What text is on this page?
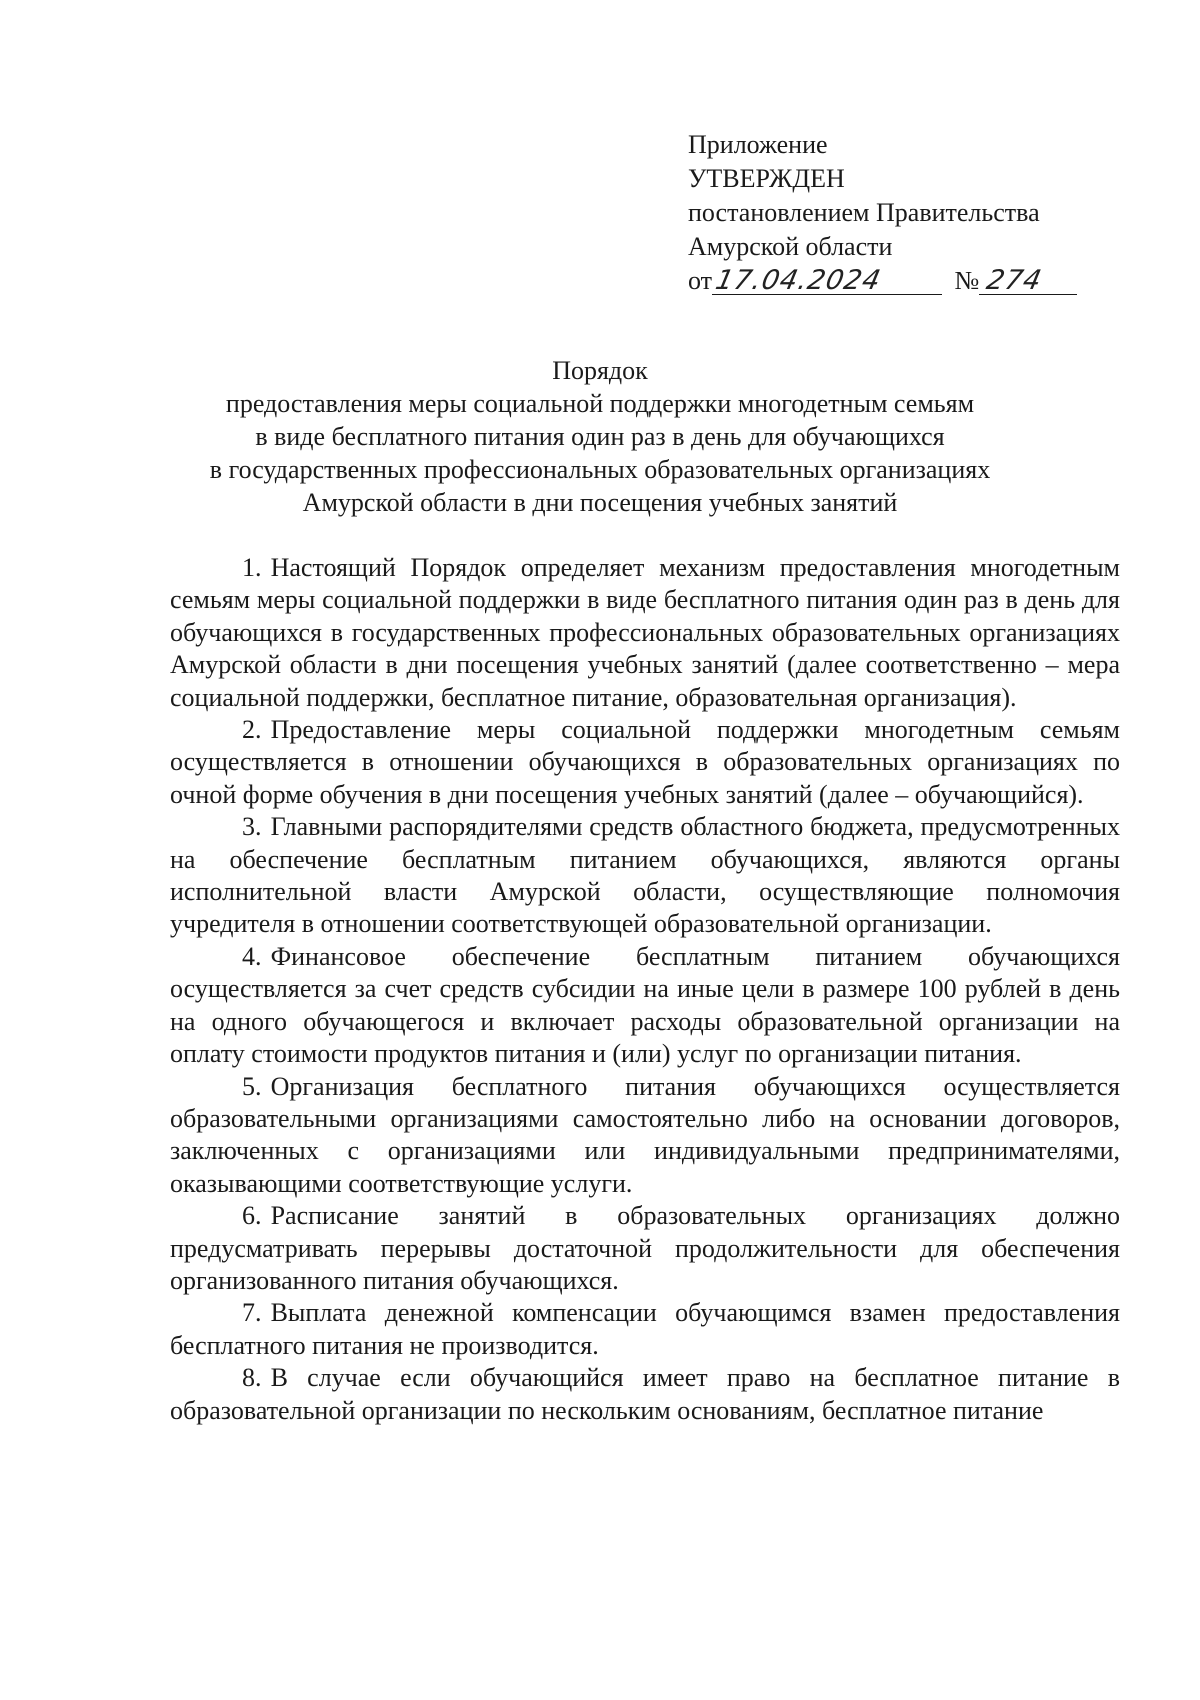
Приложение
УТВЕРЖДЕН
постановлением Правительства
Амурской области
от17.04.2024	№ 274
Порядок
предоставления меры социальной поддержки многодетным семьям
в виде бесплатного питания один раз в день для обучающихся
в государственных профессиональных образовательных организациях
Амурской области в дни посещения учебных занятий

1. Настоящий Порядок определяет механизм предоставления многодетным семьям меры социальной поддержки в виде бесплатного питания один раз в день для обучающихся в государственных профессиональных образовательных организациях Амурской области в дни посещения учебных занятий (далее соответственно – мера социальной поддержки, бесплатное питание, образовательная организация).

2. Предоставление меры социальной поддержки многодетным семьям осуществляется в отношении обучающихся в образовательных организациях по очной форме обучения в дни посещения учебных занятий (далее – обучающийся).

3. Главными распорядителями средств областного бюджета, предусмотренных на обеспечение бесплатным питанием обучающихся, являются органы исполнительной власти Амурской области, осуществляющие полномочия учредителя в отношении соответствующей образовательной организации.

4. Финансовое обеспечение бесплатным питанием обучающихся осуществляется за счет средств субсидии на иные цели в размере 100 рублей в день на одного обучающегося и включает расходы образовательной организации на оплату стоимости продуктов питания и (или) услуг по организации питания.

5. Организация бесплатного питания обучающихся осуществляется образовательными организациями самостоятельно либо на основании договоров, заключенных с организациями или индивидуальными предпринимателями, оказывающими соответствующие услуги.

6. Расписание занятий в образовательных организациях должно предусматривать перерывы достаточной продолжительности для обеспечения организованного питания обучающихся.

7. Выплата денежной компенсации обучающимся взамен предоставления бесплатного питания не производится.

8. В случае если обучающийся имеет право на бесплатное питание в образовательной организации по нескольким основаниям, бесплатное питание
